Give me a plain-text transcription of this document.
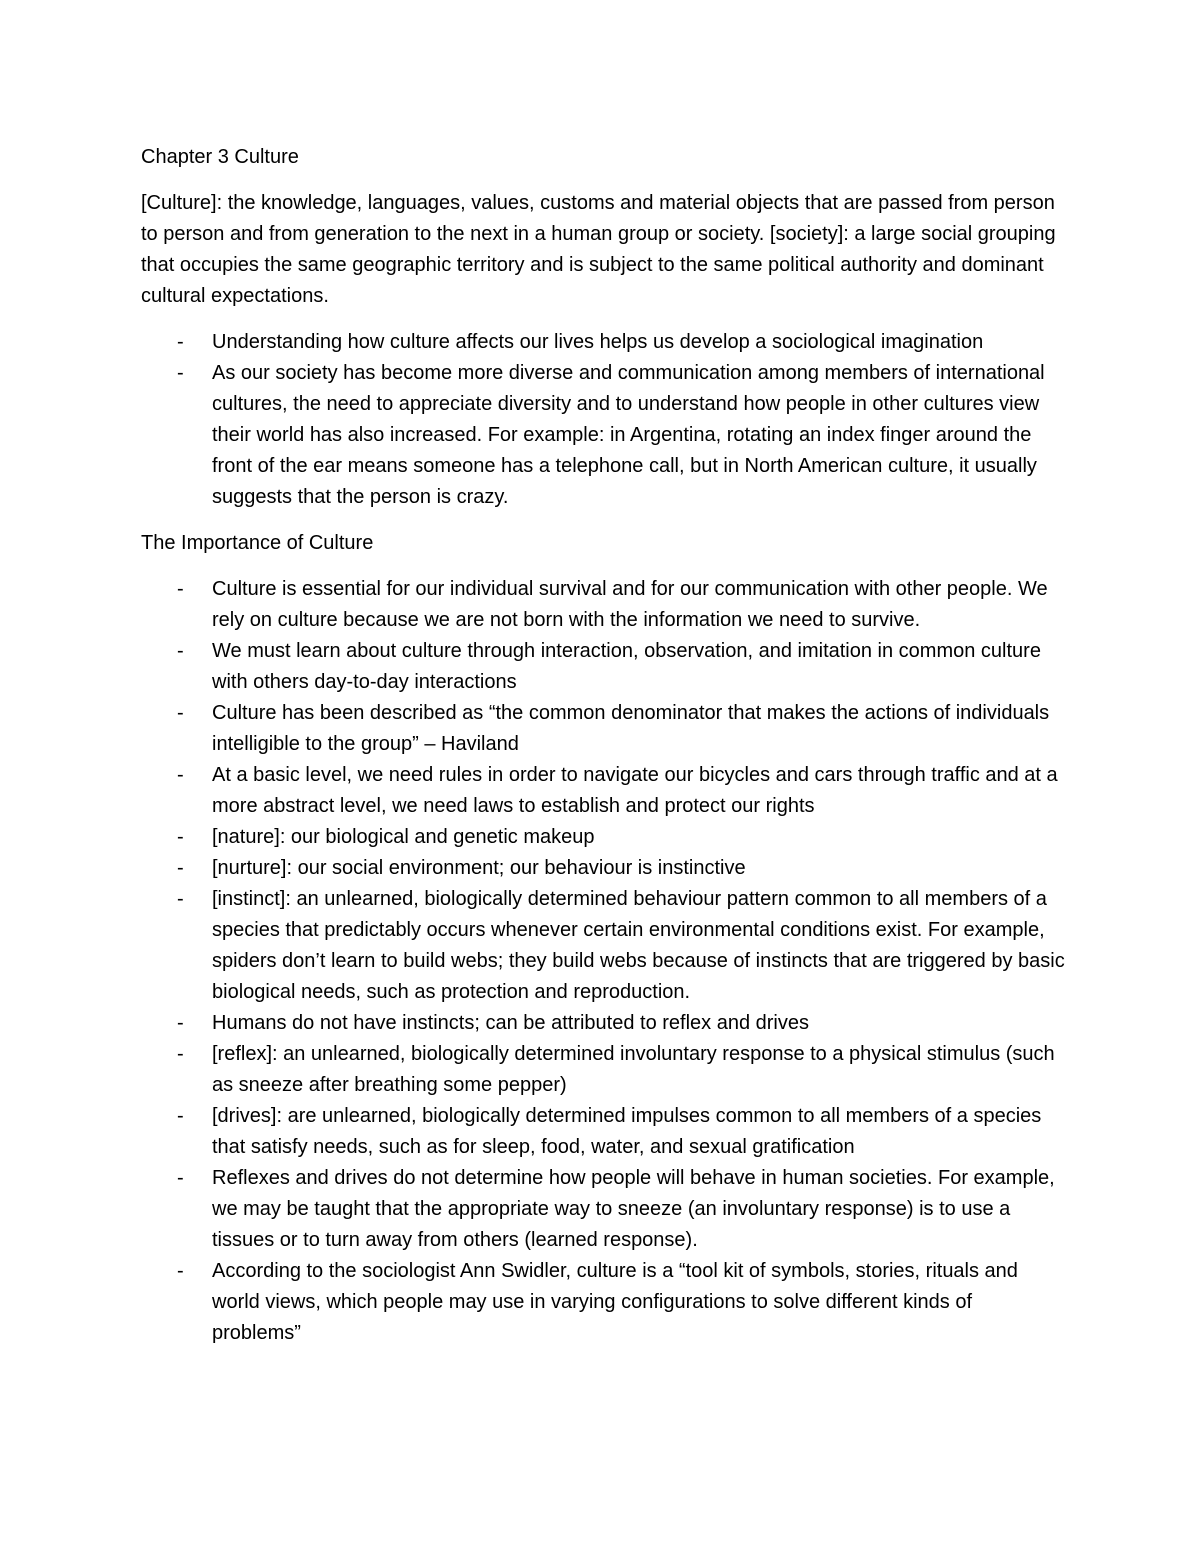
Chapter 3 Culture

[Culture]: the knowledge, languages, values, customs and material objects that are passed from person to person and from generation to the next in a human group or society. [society]: a large social grouping that occupies the same geographic territory and is subject to the same political authority and dominant cultural expectations.

- Understanding how culture affects our lives helps us develop a sociological imagination
- As our society has become more diverse and communication among members of international cultures, the need to appreciate diversity and to understand how people in other cultures view their world has also increased. For example: in Argentina, rotating an index finger around the front of the ear means someone has a telephone call, but in North American culture, it usually suggests that the person is crazy.
The Importance of Culture
- Culture is essential for our individual survival and for our communication with other people. We rely on culture because we are not born with the information we need to survive.
- We must learn about culture through interaction, observation, and imitation in common culture with others day-to-day interactions
- Culture has been described as “the common denominator that makes the actions of individuals intelligible to the group” – Haviland
- At a basic level, we need rules in order to navigate our bicycles and cars through traffic and at a more abstract level, we need laws to establish and protect our rights
- [nature]: our biological and genetic makeup
- [nurture]: our social environment; our behaviour is instinctive
- [instinct]: an unlearned, biologically determined behaviour pattern common to all members of a species that predictably occurs whenever certain environmental conditions exist. For example, spiders don’t learn to build webs; they build webs because of instincts that are triggered by basic biological needs, such as protection and reproduction.
- Humans do not have instincts; can be attributed to reflex and drives
- [reflex]: an unlearned, biologically determined involuntary response to a physical stimulus (such as sneeze after breathing some pepper)
- [drives]: are unlearned, biologically determined impulses common to all members of a species that satisfy needs, such as for sleep, food, water, and sexual gratification
- Reflexes and drives do not determine how people will behave in human societies. For example, we may be taught that the appropriate way to sneeze (an involuntary response) is to use a tissues or to turn away from others (learned response).
- According to the sociologist Ann Swidler, culture is a “tool kit of symbols, stories, rituals and world views, which people may use in varying configurations to solve different kinds of problems”
